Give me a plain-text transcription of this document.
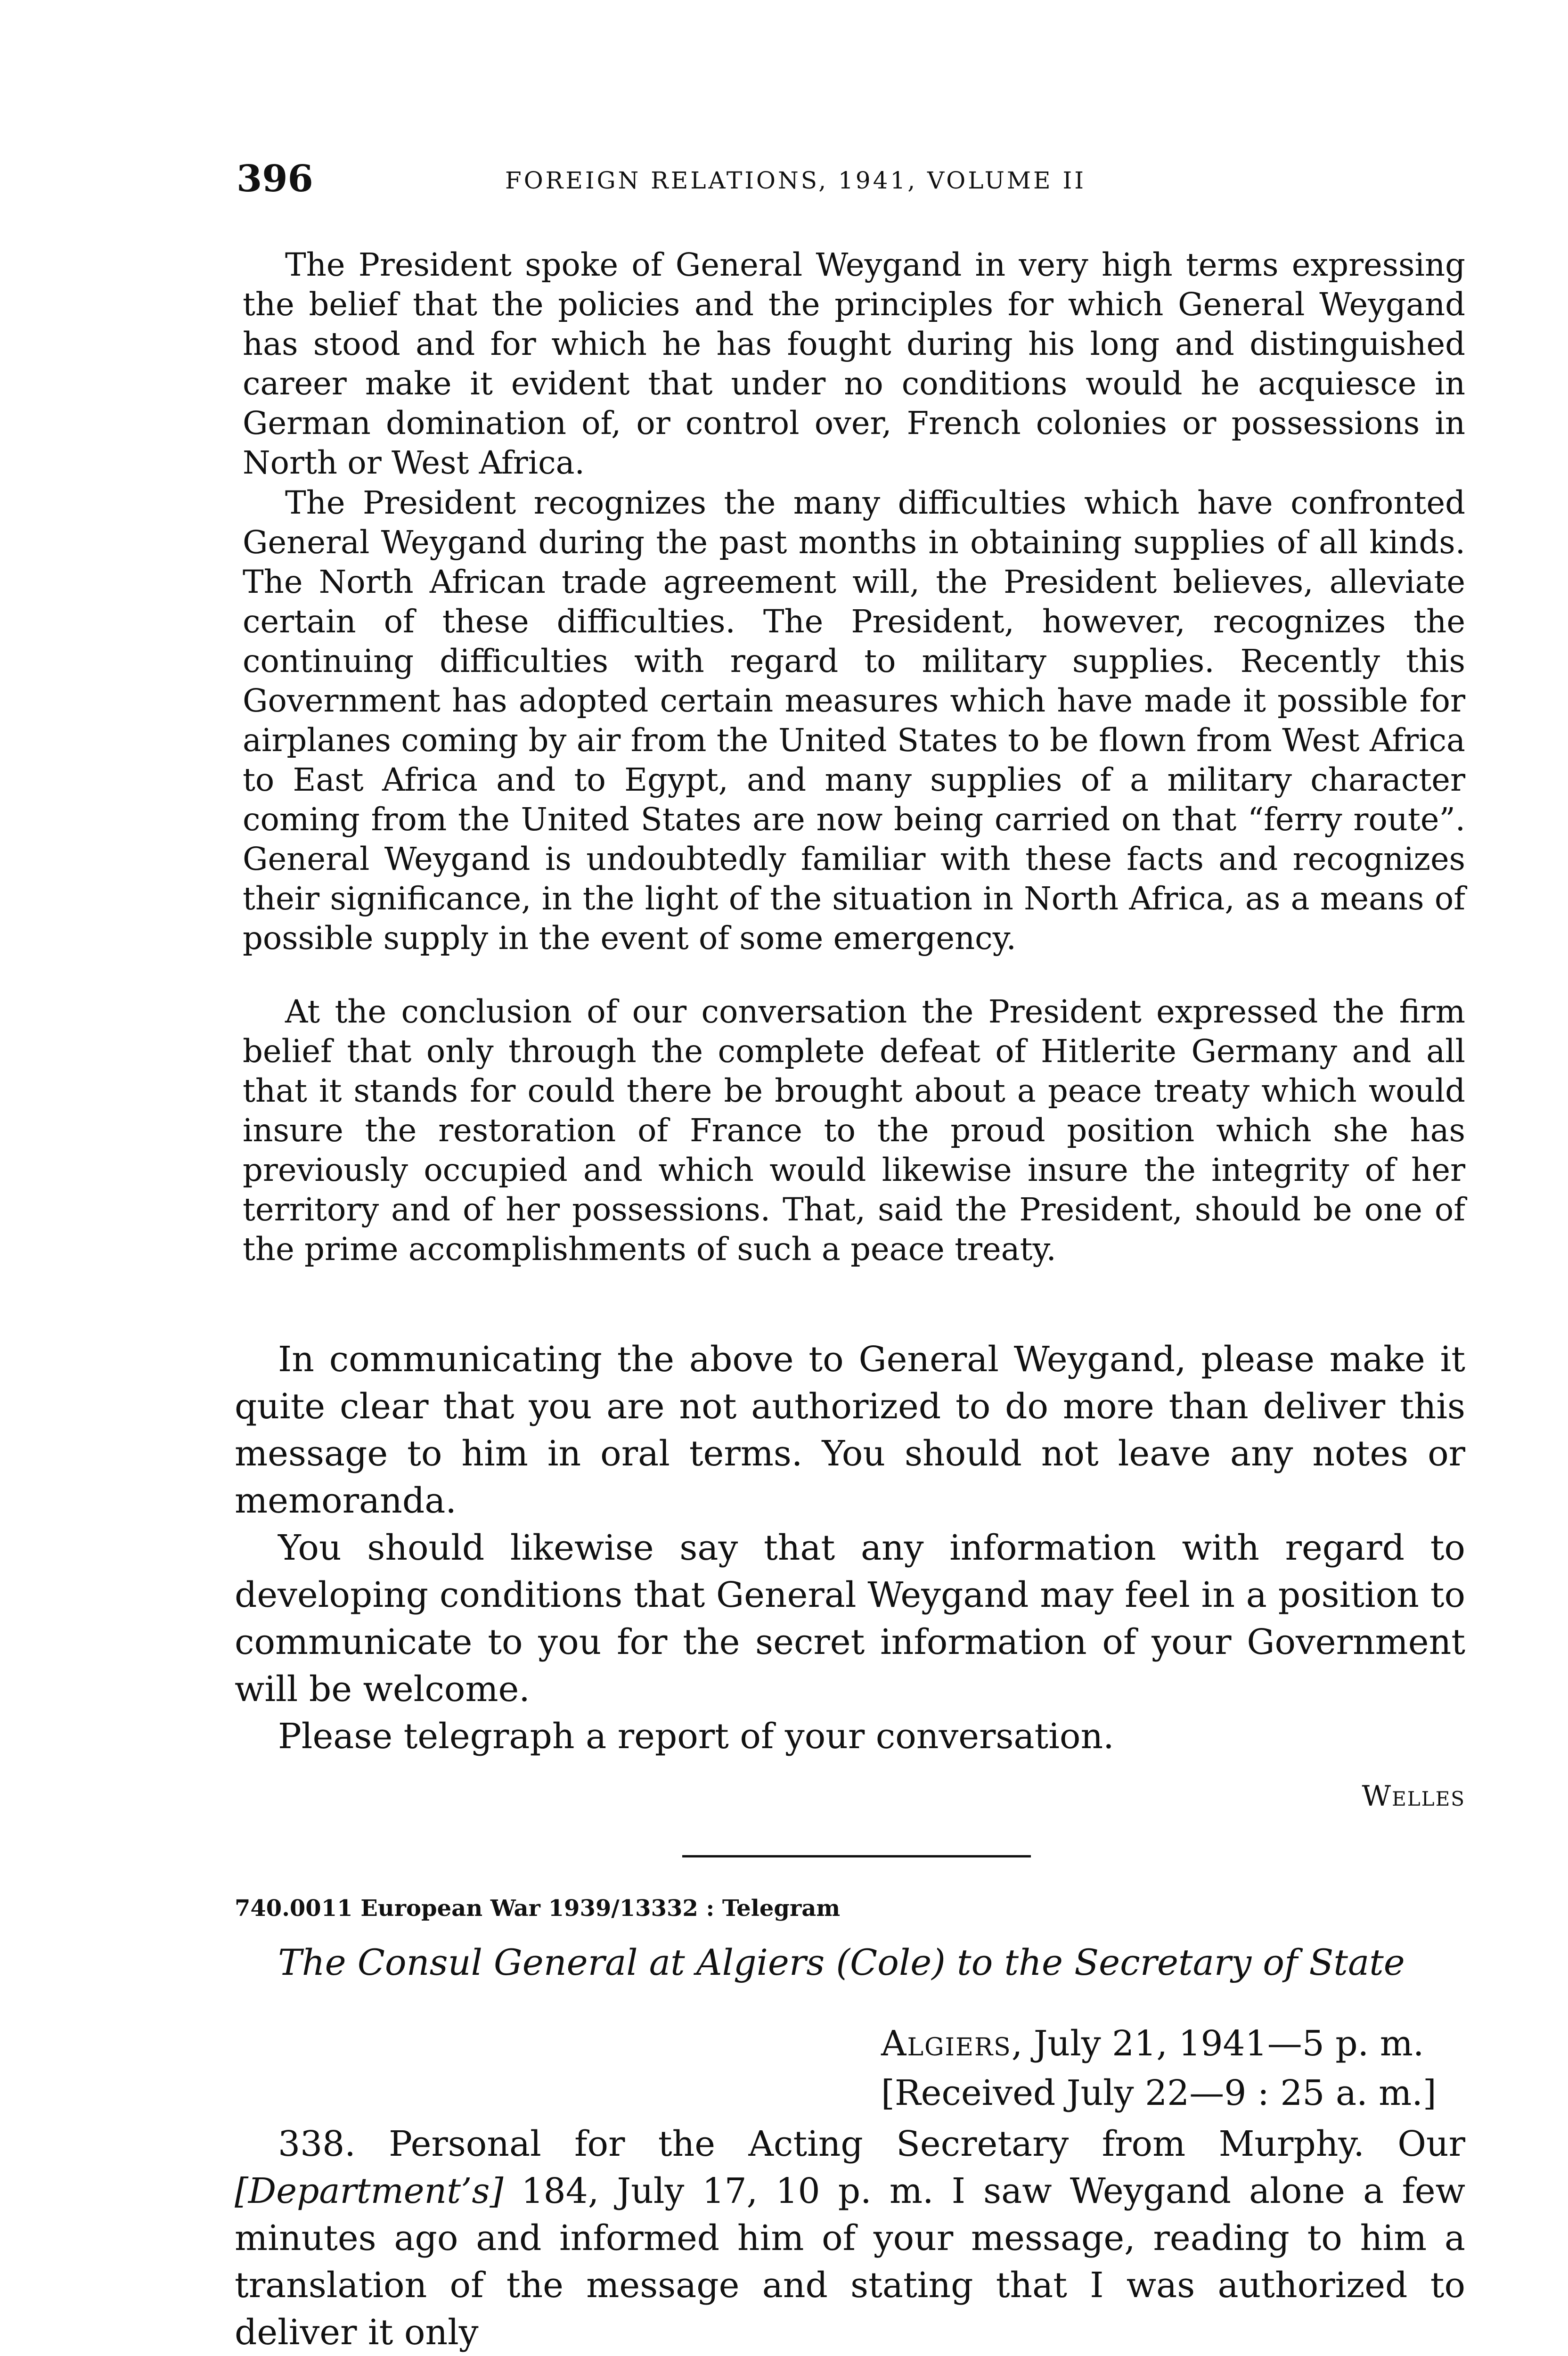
396	FOREIGN RELATIONS, 1941, VOLUME II

The President spoke of General Weygand in very high terms expressing the belief that the policies and the principles for which General Weygand has stood and for which he has fought during his long and distinguished career make it evident that under no conditions would he acquiesce in German domination of, or control over, French colonies or possessions in North or West Africa.

The President recognizes the many difficulties which have confronted General Weygand during the past months in obtaining supplies of all kinds. The North African trade agreement will, the President believes, alleviate certain of these difficulties. The President, however, recognizes the continuing difficulties with regard to military supplies. Recently this Government has adopted certain measures which have made it possible for airplanes coming by air from the United States to be flown from West Africa to East Africa and to Egypt, and many supplies of a military character coming from the United States are now being carried on that “ferry route”. General Weygand is undoubtedly familiar with these facts and recognizes their significance, in the light of the situation in North Africa, as a means of possible supply in the event of some emergency.

At the conclusion of our conversation the President expressed the firm belief that only through the complete defeat of Hitlerite Germany and all that it stands for could there be brought about a peace treaty which would insure the restoration of France to the proud position which she has previously occupied and which would likewise insure the integrity of her territory and of her possessions. That, said the President, should be one of the prime accomplishments of such a peace treaty.

In communicating the above to General Weygand, please make it quite clear that you are not authorized to do more than deliver this message to him in oral terms. You should not leave any notes or memoranda.

You should likewise say that any information with regard to developing conditions that General Weygand may feel in a position to communicate to you for the secret information of your Government will be welcome.

Please telegraph a report of your conversation.

Welles
740.0011 European War 1939/13332 : Telegram
The Consul General at Algiers (Cole) to the Secretary of State
Algiers, July 21, 1941—5 p. m.
[Received July 22—9 : 25 a. m.]

338. Personal for the Acting Secretary from Murphy. Our [Department’s] 184, July 17, 10 p. m. I saw Weygand alone a few minutes ago and informed him of your message, reading to him a translation of the message and stating that I was authorized to deliver it only
